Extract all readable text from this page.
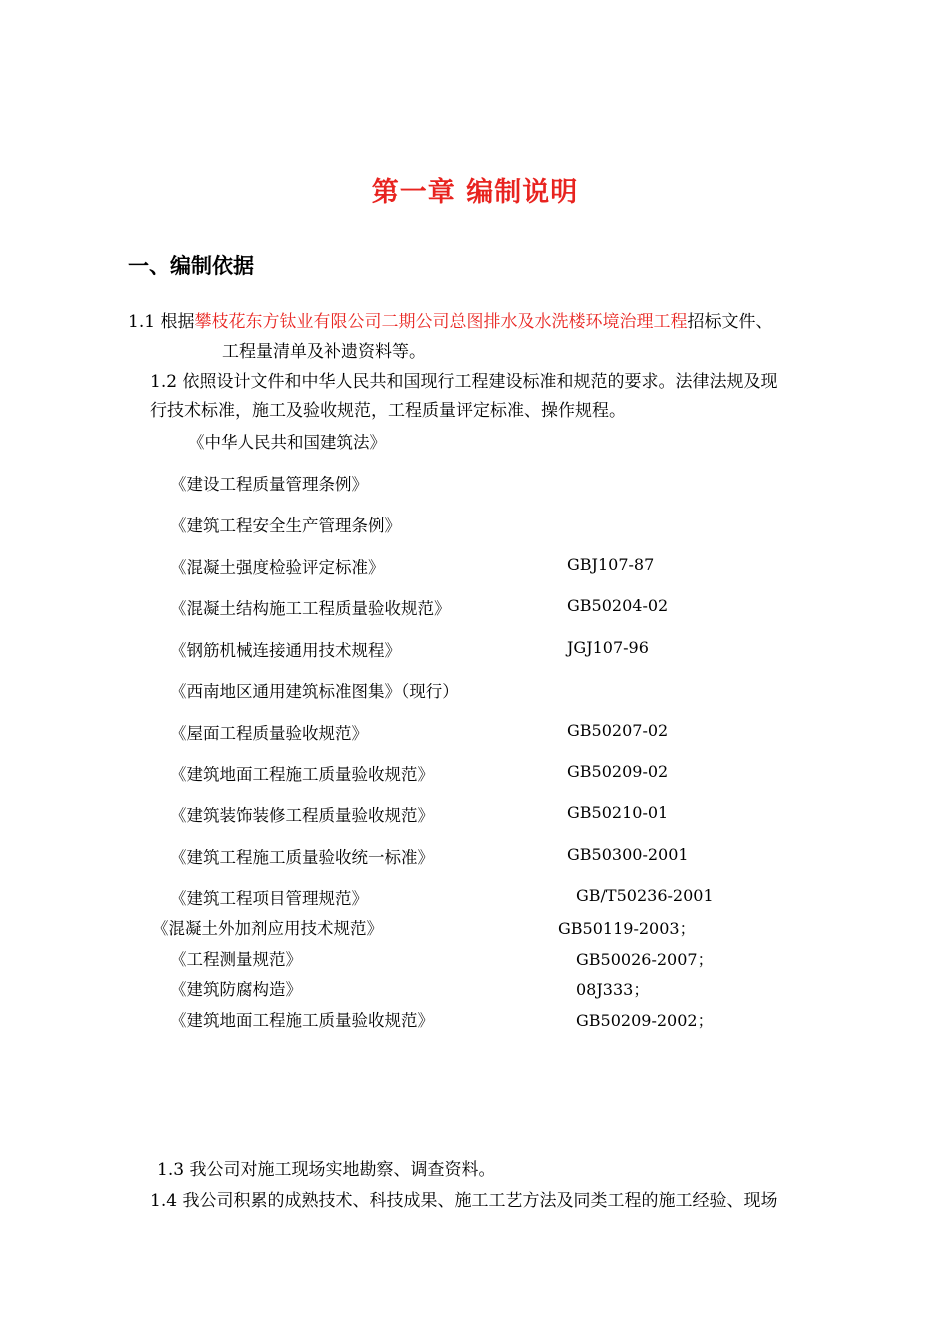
第一章 编制说明
一、编制依据
1.1 根据攀枝花东方钛业有限公司二期公司总图排水及水洗楼环境治理工程招标文件、
工程量清单及补遗资料等。
1.2 依照设计文件和中华人民共和国现行工程建设标准和规范的要求。法律法规及现
行技术标准，施工及验收规范，工程质量评定标准、操作规程。
《中华人民共和国建筑法》
《建设工程质量管理条例》
《建筑工程安全生产管理条例》
《混凝土强度检验评定标准》	GBJ107-87
《混凝土结构施工工程质量验收规范》	GB50204-02
《钢筋机械连接通用技术规程》	JGJ107-96
《西南地区通用建筑标准图集》（现行）
《屋面工程质量验收规范》	GB50207-02
《建筑地面工程施工质量验收规范》	GB50209-02
《建筑装饰装修工程质量验收规范》	GB50210-01
《建筑工程施工质量验收统一标准》	GB50300-2001
《建筑工程项目管理规范》	GB/T50236-2001
《混凝土外加剂应用技术规范》	GB50119-2003；
《工程测量规范》	GB50026-2007；
《建筑防腐构造》	08J333；
《建筑地面工程施工质量验收规范》	GB50209-2002；
1.3 我公司对施工现场实地勘察、调查资料。
1.4 我公司积累的成熟技术、科技成果、施工工艺方法及同类工程的施工经验、现场
